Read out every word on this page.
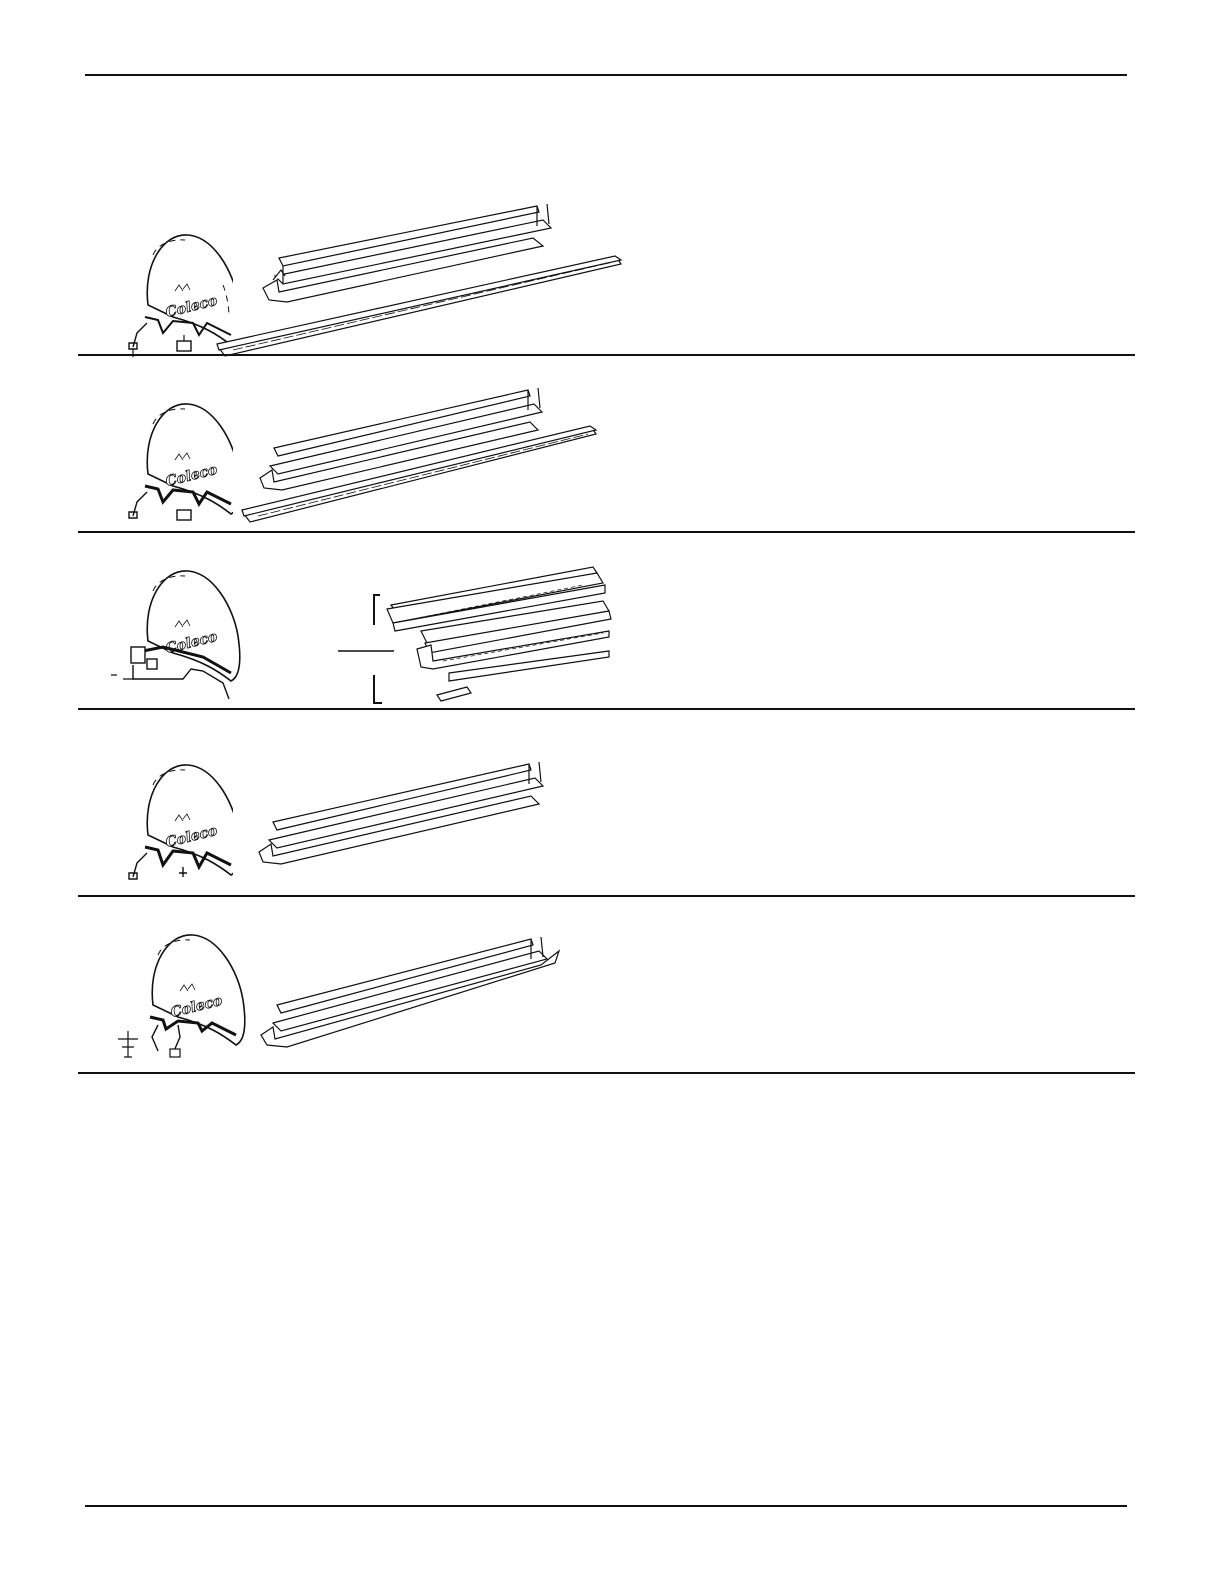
Coleco
Coleco
Coleco
Coleco
Coleco
